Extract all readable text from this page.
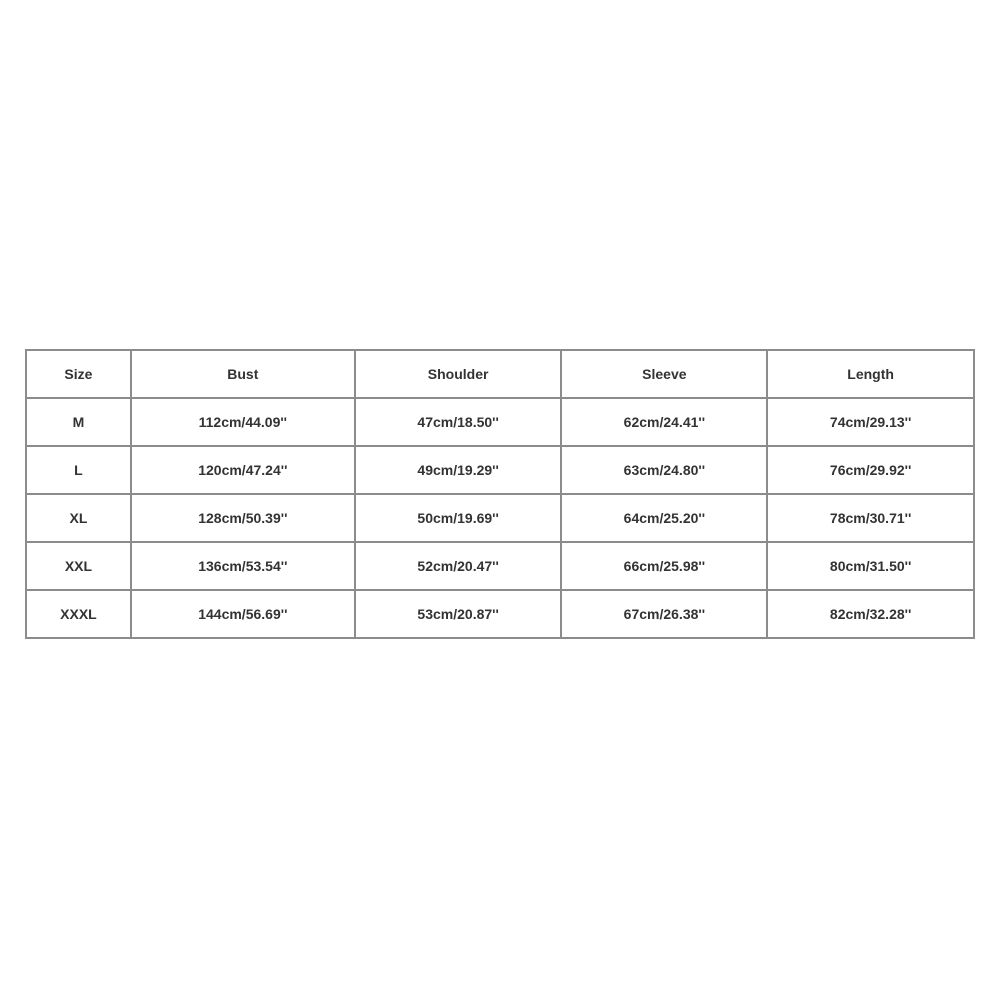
Size	Bust	Shoulder	Sleeve	Length
M	112cm/44.09''	47cm/18.50''	62cm/24.41''	74cm/29.13''
L	120cm/47.24''	49cm/19.29''	63cm/24.80''	76cm/29.92''
XL	128cm/50.39''	50cm/19.69''	64cm/25.20''	78cm/30.71''
XXL	136cm/53.54''	52cm/20.47''	66cm/25.98''	80cm/31.50''
XXXL	144cm/56.69''	53cm/20.87''	67cm/26.38''	82cm/32.28''
